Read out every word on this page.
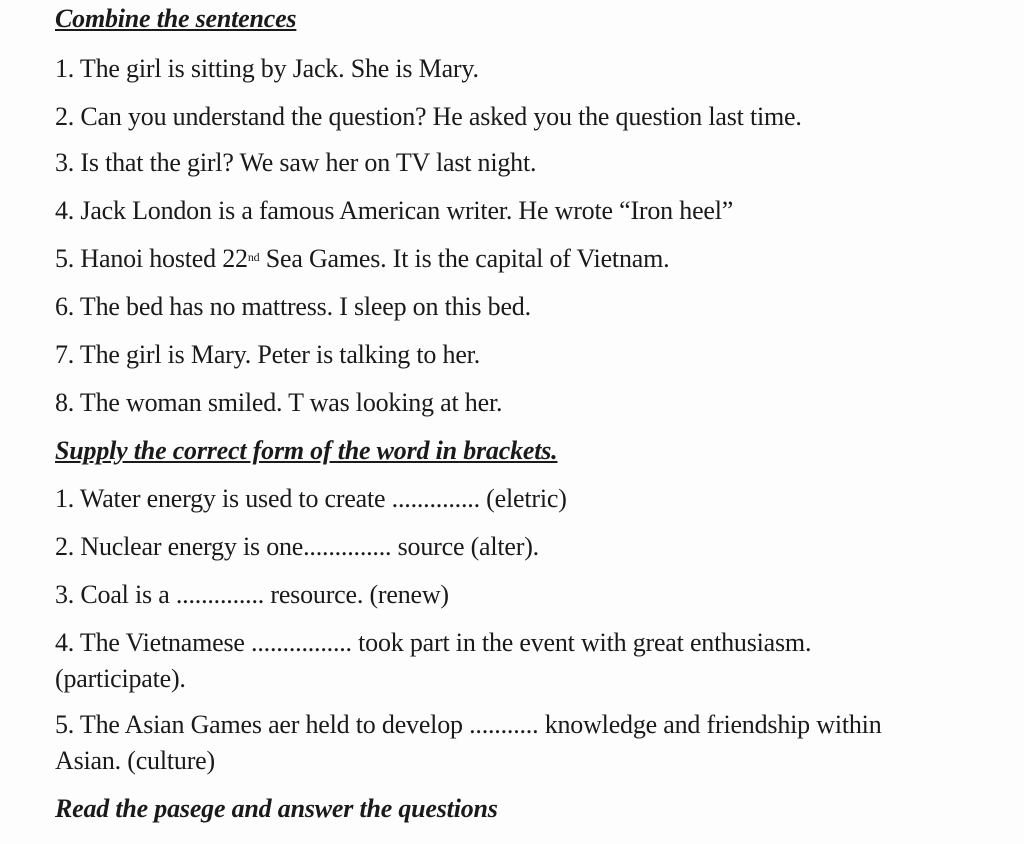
Combine the sentences
1. The girl is sitting by Jack. She is Mary.
2. Can you understand the question? He asked you the question last time.
3. Is that the girl? We saw her on TV last night.
4. Jack London is a famous American writer. He wrote “Iron heel”
5. Hanoi hosted 22nd Sea Games. It is the capital of Vietnam.
6. The bed has no mattress. I sleep on this bed.
7. The girl is Mary. Peter is talking to her.
8. The woman smiled. T was looking at her.
Supply the correct form of the word in brackets.
1. Water energy is used to create .............. (eletric)
2. Nuclear energy is one.............. source (alter).
3. Coal is a .............. resource. (renew)
4. The Vietnamese ................ took part in the event with great enthusiasm.
(participate).
5. The Asian Games aer held to develop ........... knowledge and friendship within
Asian. (culture)
Read the pasege and answer the questions
